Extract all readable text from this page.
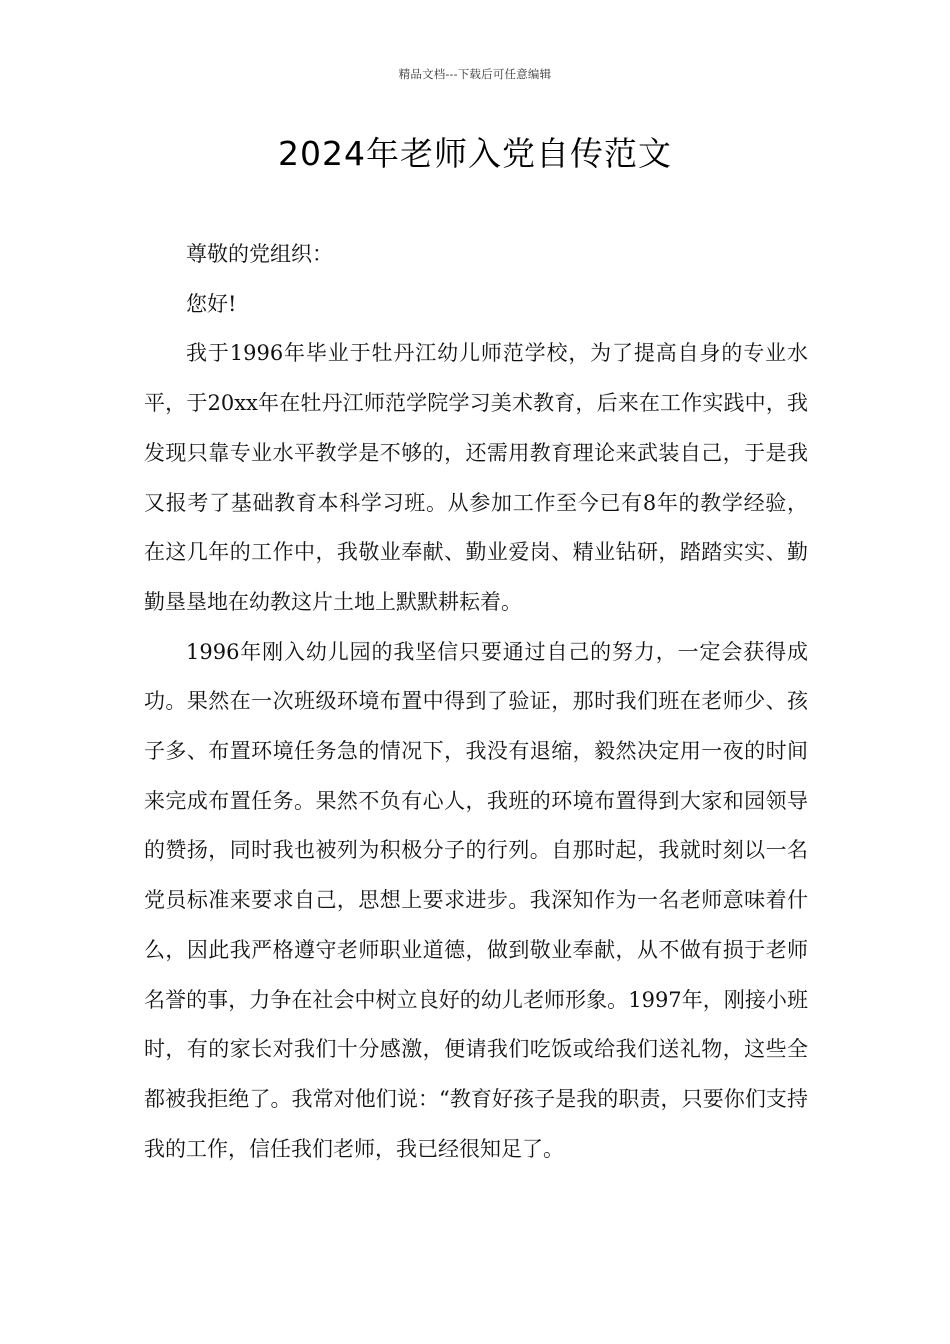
精品文档---下载后可任意编辑
2024年老师入党自传范文

尊敬的党组织：

您好!

我于1996年毕业于牡丹江幼儿师范学校，为了提高自身的专业水平，于20xx年在牡丹江师范学院学习美术教育，后来在工作实践中，我发现只靠专业水平教学是不够的，还需用教育理论来武装自己，于是我又报考了基础教育本科学习班。从参加工作至今已有8年的教学经验，在这几年的工作中，我敬业奉献、勤业爱岗、精业钻研，踏踏实实、勤勤垦垦地在幼教这片土地上默默耕耘着。

1996年刚入幼儿园的我坚信只要通过自己的努力，一定会获得成功。果然在一次班级环境布置中得到了验证，那时我们班在老师少、孩子多、布置环境任务急的情况下，我没有退缩，毅然决定用一夜的时间来完成布置任务。果然不负有心人，我班的环境布置得到大家和园领导的赞扬，同时我也被列为积极分子的行列。自那时起，我就时刻以一名党员标准来要求自己，思想上要求进步。我深知作为一名老师意味着什么，因此我严格遵守老师职业道德，做到敬业奉献，从不做有损于老师名誉的事，力争在社会中树立良好的幼儿老师形象。1997年，刚接小班时，有的家长对我们十分感激，便请我们吃饭或给我们送礼物，这些全都被我拒绝了。我常对他们说：“教育好孩子是我的职责，只要你们支持我的工作，信任我们老师，我已经很知足了。
